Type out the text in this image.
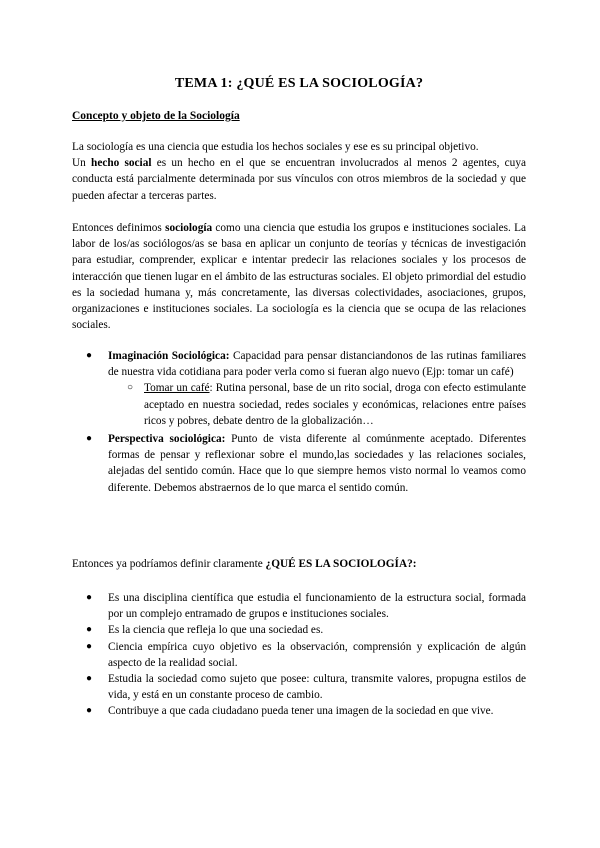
TEMA 1: ¿QUÉ ES LA SOCIOLOGÍA?
Concepto y objeto de la Sociología

La sociología es una ciencia que estudia los hechos sociales y ese es su principal objetivo.
Un hecho social es un hecho en el que se encuentran involucrados al menos 2 agentes, cuya conducta está parcialmente determinada por sus vínculos con otros miembros de la sociedad y que pueden afectar a terceras partes.

Entonces definimos sociología como una ciencia que estudia los grupos e instituciones sociales. La labor de los/as sociólogos/as se basa en aplicar un conjunto de teorías y técnicas de investigación para estudiar, comprender, explicar e intentar predecir las relaciones sociales y los procesos de interacción que tienen lugar en el ámbito de las estructuras sociales. El objeto primordial del estudio es la sociedad humana y, más concretamente, las diversas colectividades, asociaciones, grupos, organizaciones e instituciones sociales. La sociología es la ciencia que se ocupa de las relaciones sociales.

● Imaginación Sociológica: Capacidad para pensar distanciandonos de las rutinas familiares de nuestra vida cotidiana para poder verla como si fueran algo nuevo (Ejp: tomar un café)
○ Tomar un café: Rutina personal, base de un rito social, droga con efecto estimulante aceptado en nuestra sociedad, redes sociales y económicas, relaciones entre países ricos y pobres, debate dentro de la globalización…
● Perspectiva sociológica: Punto de vista diferente al comúnmente aceptado. Diferentes formas de pensar y reflexionar sobre el mundo,las sociedades y las relaciones sociales, alejadas del sentido común. Hace que lo que siempre hemos visto normal lo veamos como diferente. Debemos abstraernos de lo que marca el sentido común.

Entonces ya podríamos definir claramente ¿QUÉ ES LA SOCIOLOGÍA?:

● Es una disciplina científica que estudia el funcionamiento de la estructura social, formada por un complejo entramado de grupos e instituciones sociales.
● Es la ciencia que refleja lo que una sociedad es.
● Ciencia empírica cuyo objetivo es la observación, comprensión y explicación de algún aspecto de la realidad social.
● Estudia la sociedad como sujeto que posee: cultura, transmite valores, propugna estilos de vida, y está en un constante proceso de cambio.
● Contribuye a que cada ciudadano pueda tener una imagen de la sociedad en que vive.
